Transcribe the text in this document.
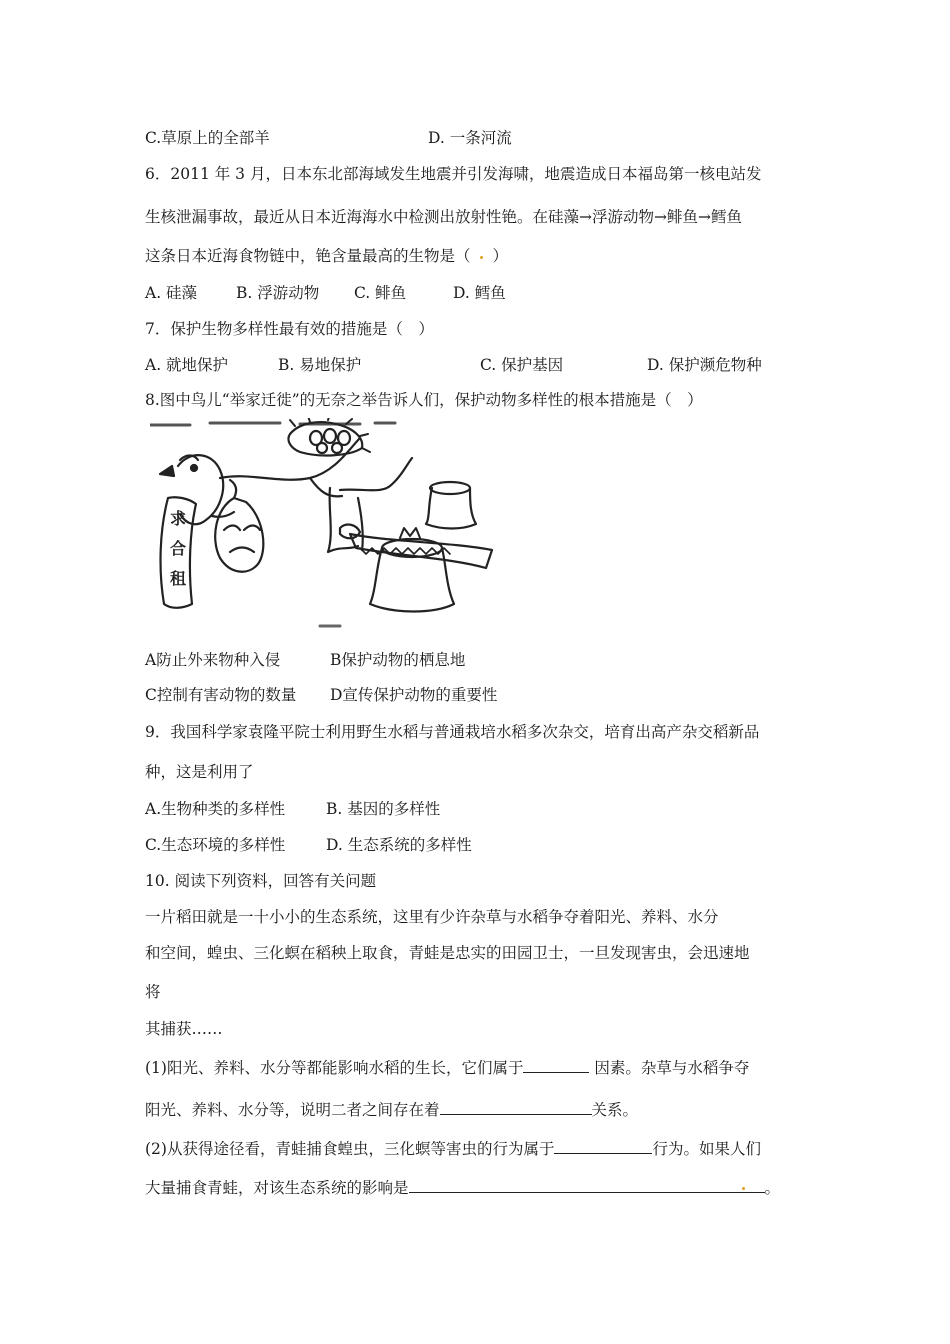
C.草原上的全部羊	D. 一条河流
6．2011 年 3 月，日本东北部海域发生地震并引发海啸，地震造成日本福岛第一核电站发
生核泄漏事故，最近从日本近海海水中检测出放射性铯。在硅藻→浮游动物→鲱鱼→鳕鱼
这条日本近海食物链中，铯含量最高的生物是（ ）
A. 硅藻	B. 浮游动物 C. 鲱鱼	D. 鳕鱼
7．保护生物多样性最有效的措施是（　）
A. 就地保护	B. 易地保护	C. 保护基因	D. 保护濒危物种
8.图中鸟儿“举家迁徙”的无奈之举告诉人们，保护动物多样性的根本措施是（　）
求
合
租
A防止外来物种入侵	B保护动物的栖息地
C控制有害动物的数量 D宣传保护动物的重要性
9．我国科学家袁隆平院士利用野生水稻与普通栽培水稻多次杂交，培育出高产杂交稻新品
种，这是利用了
A.生物种类的多样性	B. 基因的多样性
C.生态环境的多样性	D. 生态系统的多样性
10. 阅读下列资料，回答有关问题
一片稻田就是一十小小的生态系统，这里有少许杂草与水稻争夺着阳光、养料、水分
和空间，蝗虫、三化螟在稻秧上取食，青蛙是忠实的田园卫士，一旦发现害虫，会迅速地
将
其捕获……
(1)阳光、养料、水分等都能影响水稻的生长，它们属于	因素。杂草与水稻争夺
阳光、养料、水分等，说明二者之间存在着	关系。
(2)从获得途径看，青蛙捕食蝗虫，三化螟等害虫的行为属于	行为。如果人们
大量捕食青蛙，对该生态系统的影响是	。
